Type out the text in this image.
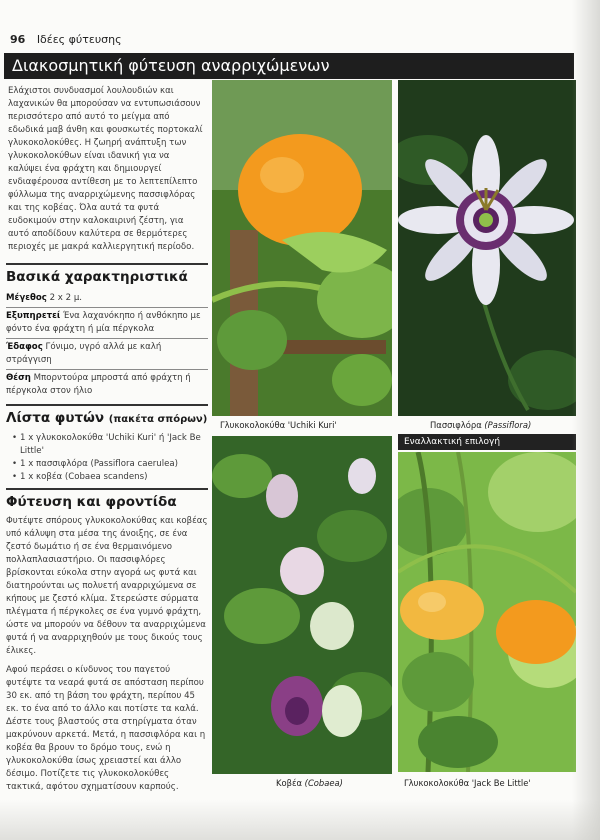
96 Ιδέες φύτευσης
Διακοσμητική φύτευση αναρριχώμενων

Ελάχιστοι συνδυασμοί λουλουδιών και λαχανικών θα μπορούσαν να εντυπωσιάσουν περισσότερο από αυτό το μείγμα από εδωδικά μαβ άνθη και φουσκωτές πορτοκαλί γλυκοκολοκύθες. Η ζωηρή ανάπτυξη των γλυκοκολοκύθων είναι ιδανική για να καλύψει ένα φράχτη και δημιουργεί ενδιαφέρουσα αντίθεση με το λεπτεπίλεπτο φύλλωμα της αναρριχώμενης πασσιφλόρας και της κοβέας. Όλα αυτά τα φυτά ευδοκιμούν στην καλοκαιρινή ζέστη, για αυτό αποδίδουν καλύτερα σε θερμότερες περιοχές με μακρά καλλιεργητική περίοδο.

Βασικά χαρακτηριστικά

Μέγεθος 2 x 2 μ.

Εξυπηρετεί Ένα λαχανόκηπο ή ανθόκηπο με φόντο ένα φράχτη ή μία πέργκολα

Έδαφος Γόνιμο, υγρό αλλά με καλή στράγγιση

Θέση Μπορντούρα μπροστά από φράχτη ή πέργκολα στον ήλιο

Λίστα φυτών (πακέτα σπόρων)
• 1 x γλυκοκολοκύθα 'Uchiki Kuri' ή 'Jack Be Little'
• 1 x πασσιφλόρα (Passiflora caerulea)
• 1 x κοβέα (Cobaea scandens)
Φύτευση και φροντίδα

Φυτέψτε σπόρους γλυκοκολοκύθας και κοβέας υπό κάλυψη στα μέσα της άνοιξης, σε ένα ζεστό δωμάτιο ή σε ένα θερμαινόμενο πολλαπλασιαστήριο. Οι πασσιφλόρες βρίσκονται εύκολα στην αγορά ως φυτά και διατηρούνται ως πολυετή αναρριχώμενα σε κήπους με ζεστό κλίμα. Στερεώστε σύρματα πλέγματα ή πέργκολες σε ένα γυμνό φράχτη, ώστε να μπορούν να δέθουν τα αναρριχώμενα φυτά ή να αναρριχηθούν με τους δικούς τους έλικες.

Αφού περάσει ο κίνδυνος του παγετού φυτέψτε τα νεαρά φυτά σε απόσταση περίπου 30 εκ. από τη βάση του φράχτη, περίπου 45 εκ. το ένα από το άλλο και ποτίστε τα καλά. Δέστε τους βλαστούς στα στηρίγματα όταν μακρύνουν αρκετά. Μετά, η πασσιφλόρα και η κοβέα θα βρουν το δρόμο τους, ενώ η γλυκοκολοκύθα ίσως χρειαστεί και άλλο δέσιμο. Ποτίζετε τις γλυκοκολοκύθες τακτικά, αφότου σχηματίσουν καρπούς.

Γλυκοκολοκύθα 'Uchiki Kuri'	Πασσιφλόρα (Passiflora)
Κοβέα (Cobaea)
Εναλλακτική επιλογή
Γλυκοκολοκύθα 'Jack Be Little'
